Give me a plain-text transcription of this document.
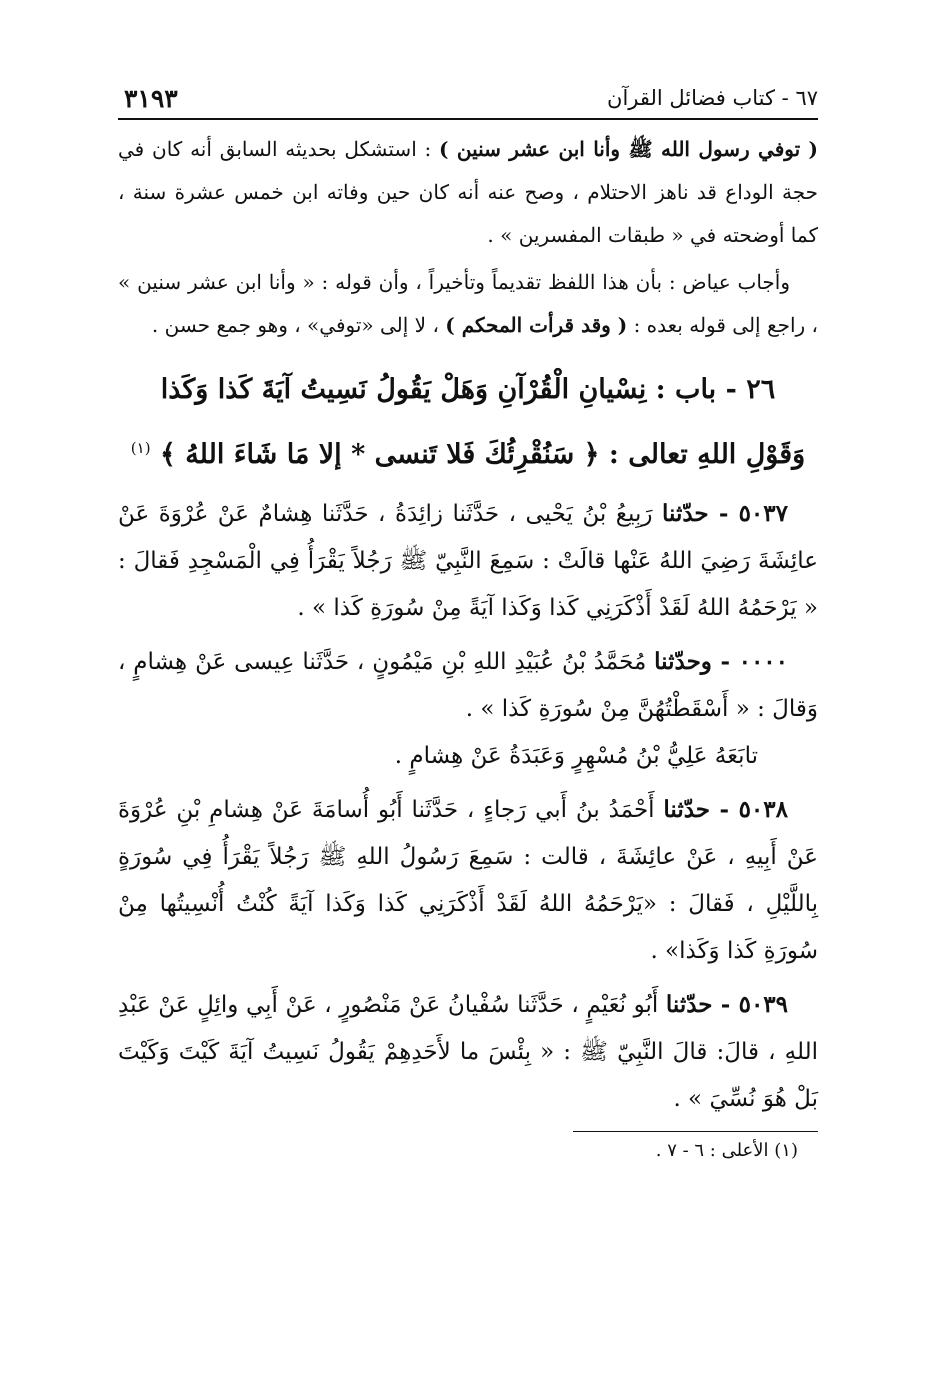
٦٧ - كتاب فضائل القرآن
٣١٩٣

( توفي رسول الله ﷺ وأنا ابن عشر سنين ) : استشكل بحديثه السابق أنه كان في حجة الوداع قد ناهز الاحتلام ، وصح عنه أنه كان حين وفاته ابن خمس عشرة سنة ، كما أوضحته في « طبقات المفسرين » .

وأجاب عياض : بأن هذا اللفظ تقديماً وتأخيراً ، وأن قوله : « وأنا ابن عشر سنين » ، راجع إلى قوله بعده : ( وقد قرأت المحكم ) ، لا إلى «توفي» ، وهو جمع حسن .

٢٦ - باب : نِسْيانِ الْقُرْآنِ وَهَلْ يَقُولُ نَسِيتُ آيَةَ كَذا وَكَذا
وَقَوْلِ اللهِ تعالى : ﴿ سَنُقْرِئُكَ فَلا تَنسى * إلا مَا شَاءَ اللهُ ﴾ $^{(١)}$

٥٠٣٧ - حدّثنا رَبِيعُ بْنُ يَحْيى ، حَدَّثَنا زائِدَةُ ، حَدَّثَنا هِشامٌ عَنْ عُرْوَةَ عَنْ عائِشَةَ رَضِيَ اللهُ عَنْها قالَتْ : سَمِعَ النَّبِيّ ﷺ رَجُلاً يَقْرَأُ فِي الْمَسْجِدِ فَقالَ : « يَرْحَمُهُ اللهُ لَقَدْ أَذْكَرَنِي كَذا وَكَذا آيَةً مِنْ سُورَةِ كَذا » .

٠٠٠٠ - وحدّثنا مُحَمَّدُ بْنُ عُبَيْدِ اللهِ بْنِ مَيْمُونٍ ، حَدَّثَنا عِيسى عَنْ هِشامٍ ، وَقالَ : « أَسْقَطْتُهُنَّ مِنْ سُورَةِ كَذا » .

تابَعَهُ عَلِيُّ بْنُ مُسْهِرٍ وَعَبَدَةُ عَنْ هِشامٍ .

٥٠٣٨ - حدّثنا أَحْمَدُ بنُ أَبي رَجاءٍ ، حَدَّثَنا أَبُو أُسامَةَ عَنْ هِشامِ بْنِ عُرْوَةَ عَنْ أَبِيهِ ، عَنْ عائِشَةَ ، قالت : سَمِعَ رَسُولُ اللهِ ﷺ رَجُلاً يَقْرَأُ فِي سُورَةٍ بِاللَّيْلِ ، فَقالَ : «يَرْحَمُهُ اللهُ لَقَدْ أَذْكَرَنِي كَذا وَكَذا آيَةً كُنْتُ أُنْسِيتُها مِنْ سُورَةِ كَذا وَكَذا» .

٥٠٣٩ - حدّثنا أَبُو نُعَيْمٍ ، حَدَّثَنا سُفْيانُ عَنْ مَنْصُورٍ ، عَنْ أَبِي وائِلٍ عَنْ عَبْدِ اللهِ ، قالَ: قالَ النَّبِيّ ﷺ : « بِئْسَ ما لأَحَدِهِمْ يَقُولُ نَسِيتُ آيَةَ كَيْتَ وَكَيْتَ بَلْ هُوَ نُسِّيَ » .

(١) الأعلى : ٦ - ٧ .
